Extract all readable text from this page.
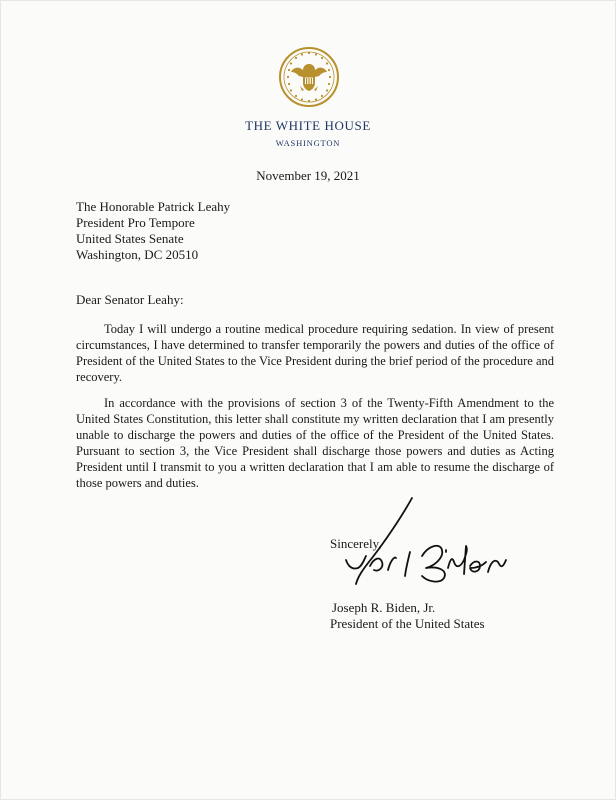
THE WHITE HOUSE
WASHINGTON
November 19, 2021
The Honorable Patrick Leahy
President Pro Tempore
United States Senate
Washington, DC 20510
Dear Senator Leahy:
Today I will undergo a routine medical procedure requiring sedation. In view of present circumstances, I have determined to transfer temporarily the powers and duties of the office of President of the United States to the Vice President during the brief period of the procedure and recovery.
In accordance with the provisions of section 3 of the Twenty-Fifth Amendment to the United States Constitution, this letter shall constitute my written declaration that I am presently unable to discharge the powers and duties of the office of the President of the United States. Pursuant to section 3, the Vice President shall discharge those powers and duties as Acting President until I transmit to you a written declaration that I am able to resume the discharge of those powers and duties.
Sincerely,
Joseph R. Biden, Jr.
President of the United States
